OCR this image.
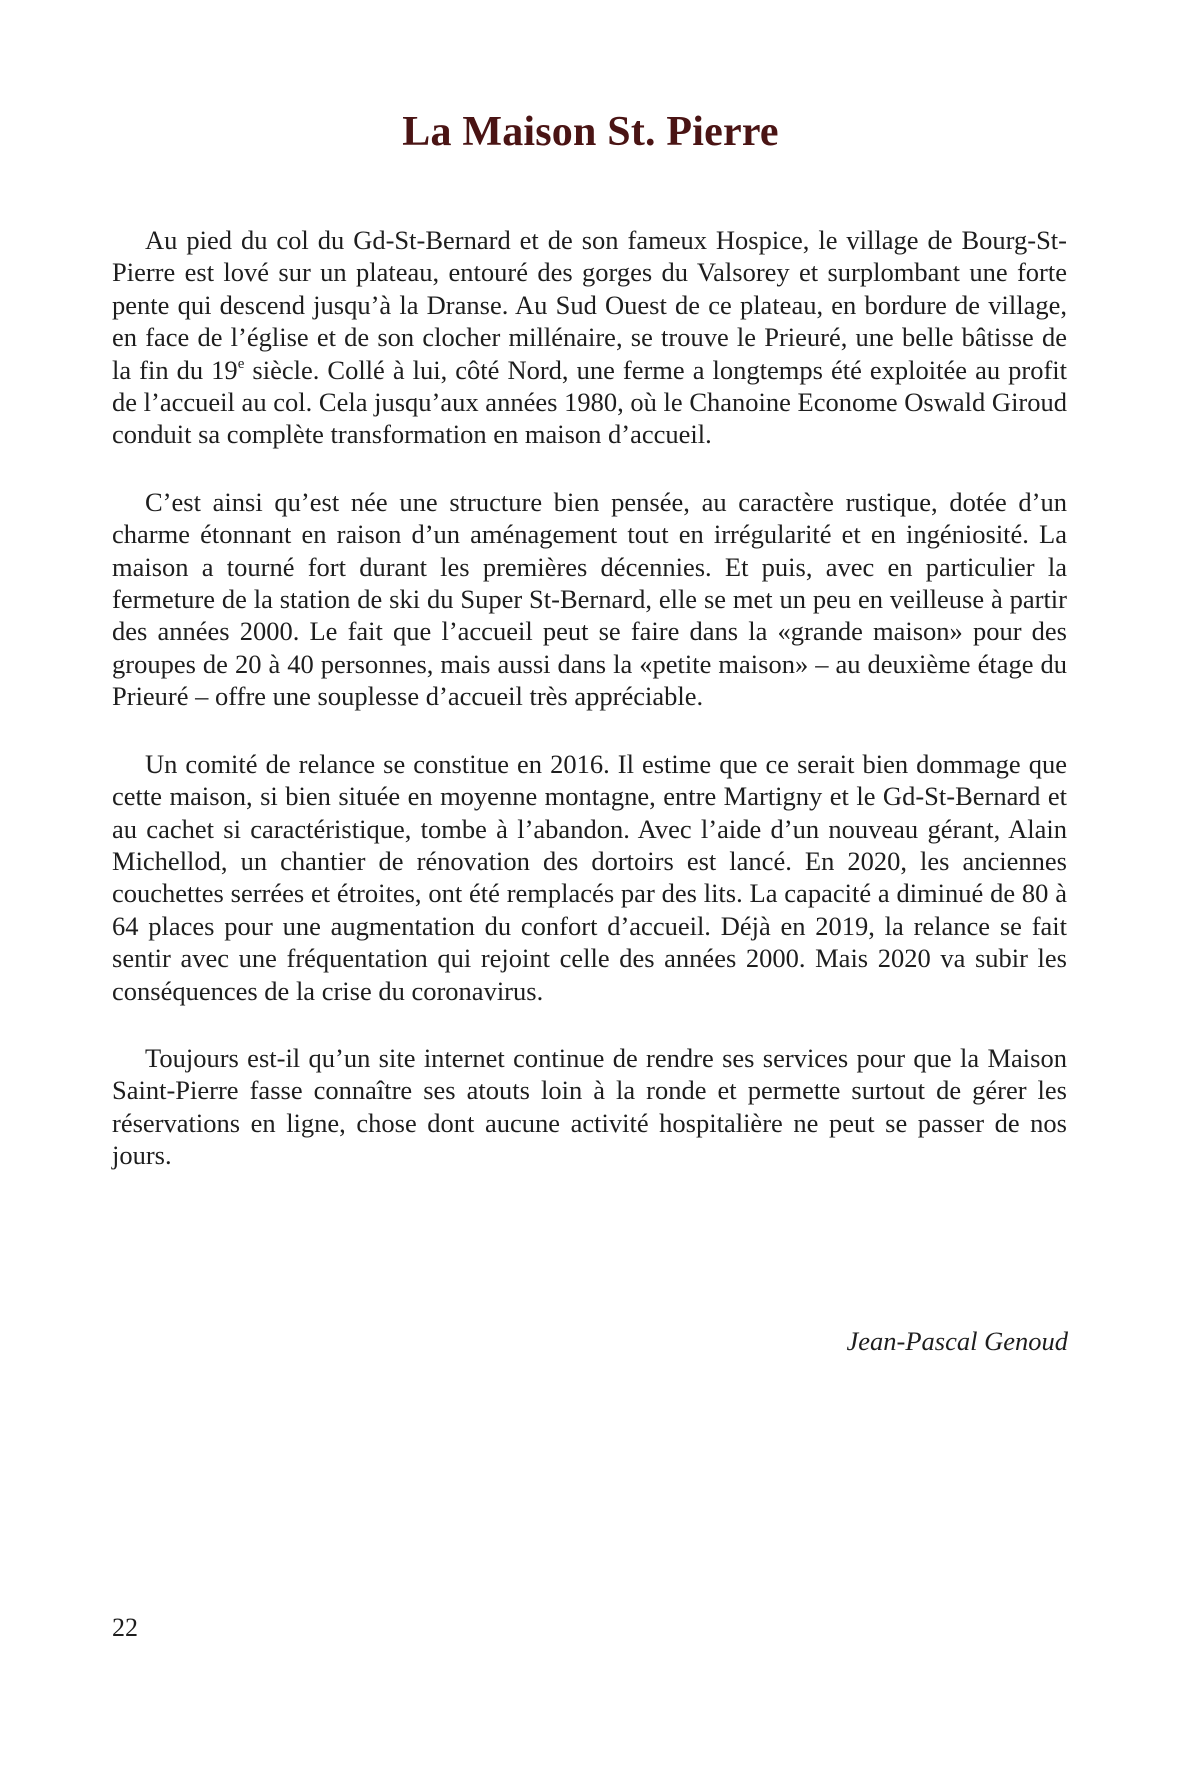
La Maison St. Pierre

Au pied du col du Gd-St-Bernard et de son fameux Hospice, le village de Bourg-St-Pierre est lové sur un plateau, entouré des gorges du Valsorey et surplombant une forte pente qui descend jusqu’à la Dranse. Au Sud Ouest de ce plateau, en bordure de village, en face de l’église et de son clocher millénaire, se trouve le Prieuré, une belle bâtisse de la fin du 19e siècle. Collé à lui, côté Nord, une ferme a longtemps été exploitée au profit de l’accueil au col. Cela jusqu’aux années 1980, où le Chanoine Econome Oswald Giroud conduit sa complète transformation en maison d’accueil.

C’est ainsi qu’est née une structure bien pensée, au caractère rustique, dotée d’un charme étonnant en raison d’un aménagement tout en irrégularité et en ingéniosité. La maison a tourné fort durant les premières décennies. Et puis, avec en particulier la fermeture de la station de ski du Super St-Bernard, elle se met un peu en veilleuse à partir des années 2000. Le fait que l’accueil peut se faire dans la «grande maison» pour des groupes de 20 à 40 personnes, mais aussi dans la «petite maison» – au deuxième étage du Prieuré – offre une souplesse d’accueil très appréciable.

Un comité de relance se constitue en 2016. Il estime que ce serait bien dommage que cette maison, si bien située en moyenne montagne, entre Martigny et le Gd-St-Bernard et au cachet si caractéristique, tombe à l’abandon. Avec l’aide d’un nouveau gérant, Alain Michellod, un chantier de rénovation des dortoirs est lancé. En 2020, les anciennes couchettes serrées et étroites, ont été remplacés par des lits. La capacité a diminué de 80 à 64 places pour une augmentation du confort d’accueil. Déjà en 2019, la relance se fait sentir avec une fréquentation qui rejoint celle des années 2000. Mais 2020 va subir les conséquences de la crise du coronavirus.

Toujours est-il qu’un site internet continue de rendre ses services pour que la Maison Saint-Pierre fasse connaître ses atouts loin à la ronde et permette surtout de gérer les réservations en ligne, chose dont aucune activité hospitalière ne peut se passer de nos jours.

Jean-Pascal Genoud

22
